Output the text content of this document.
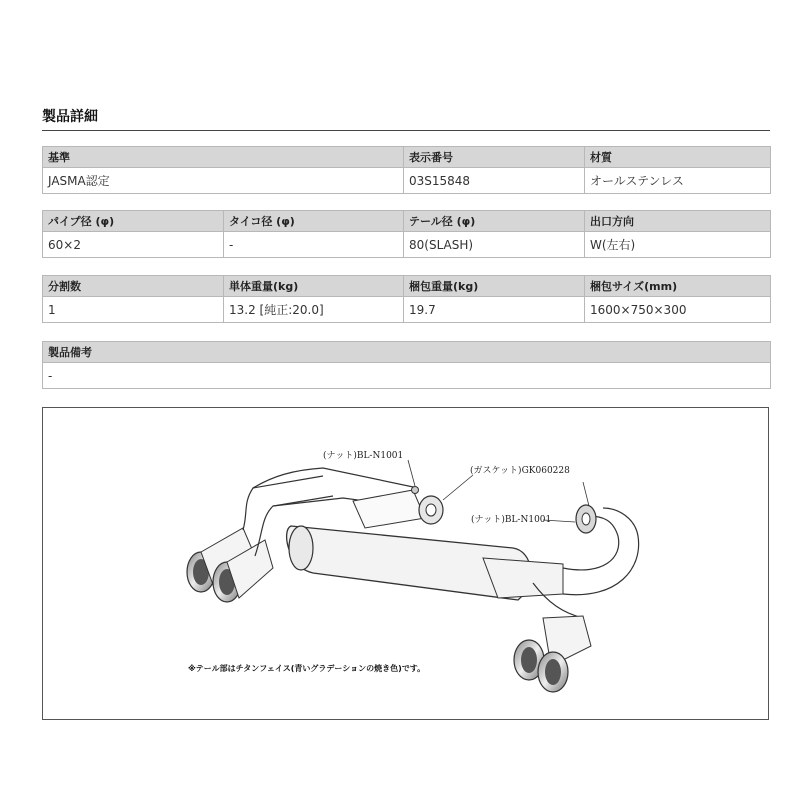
製品詳細
基準	表示番号	材質
JASMA認定	03S15848	オールステンレス
パイプ径 (φ)	タイコ径 (φ)	テール径 (φ)	出口方向
60×2	-	80(SLASH)	W(左右)
分割数	単体重量(kg)	梱包重量(kg)	梱包サイズ(mm)
1	13.2 [純正:20.0]	19.7	1600×750×300
製品備考
-
(ナット)BL-N1001
(ガスケット)GK060228
(ナット)BL-N1001
※テール部はチタンフェイス(青いグラデーションの焼き色)です。
